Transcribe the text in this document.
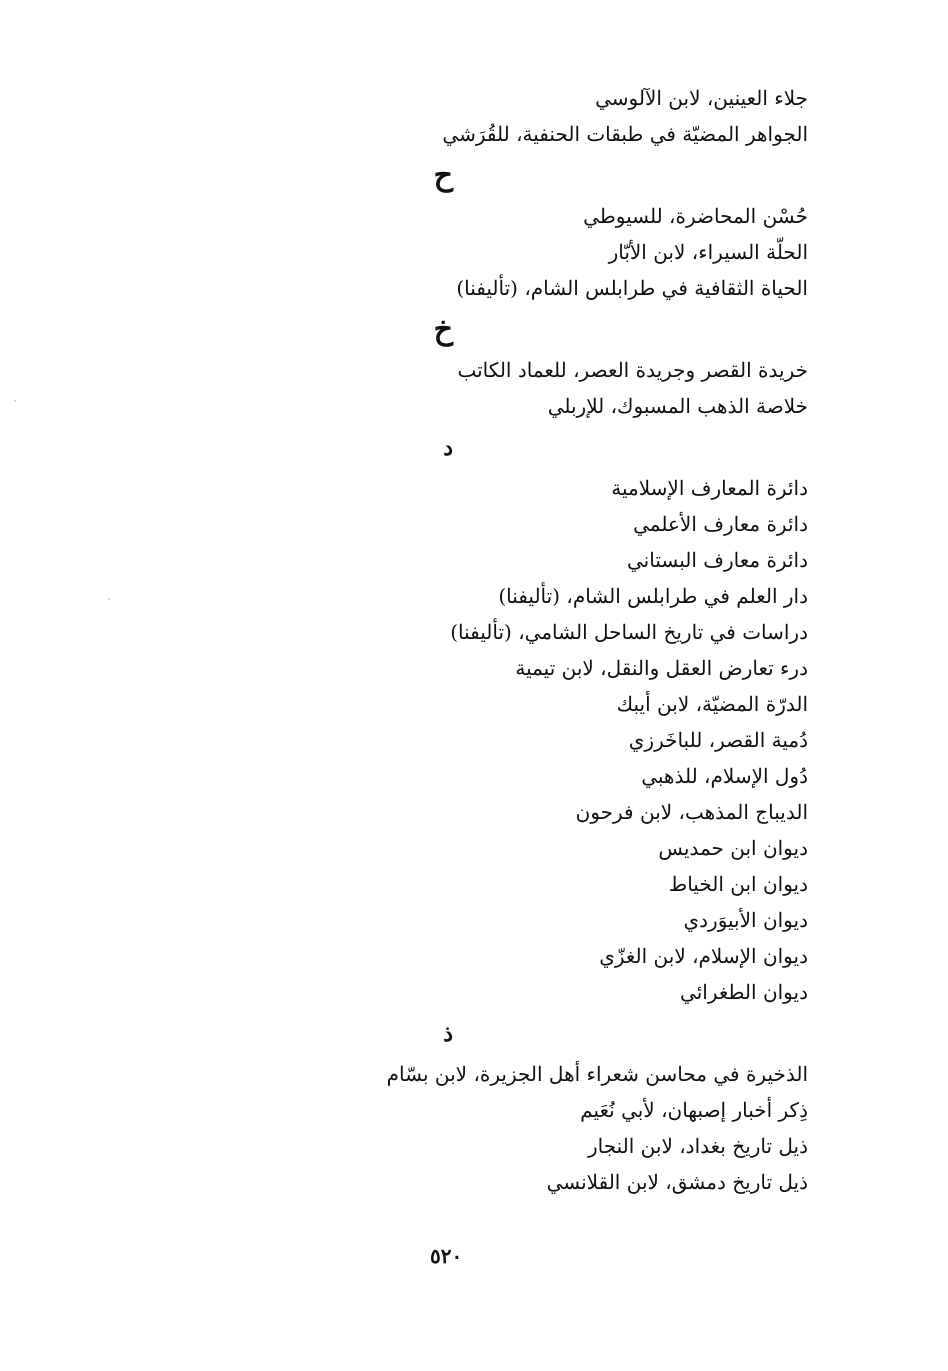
جلاء العينين، لابن الآلوسي
الجواهر المضيّة في طبقات الحنفية، للقُرَشي
ح
حُسْن المحاضرة، للسيوطي
الحلّة السيراء، لابن الأبّار
الحياة الثقافية في طرابلس الشام، (تأليفنا)
خ
خريدة القصر وجريدة العصر، للعماد الكاتب
خلاصة الذهب المسبوك، للإربلي
د
دائرة المعارف الإسلامية
دائرة معارف الأعلمي
دائرة معارف البستاني
دار العلم في طرابلس الشام، (تأليفنا)
دراسات في تاريخ الساحل الشامي، (تأليفنا)
درء تعارض العقل والنقل، لابن تيمية
الدرّة المضيّة، لابن أيبك
دُمية القصر، للباخَرزي
دُول الإسلام، للذهبي
الديباج المذهب، لابن فرحون
ديوان ابن حمديس
ديوان ابن الخياط
ديوان الأبيوَردي
ديوان الإسلام، لابن الغزّي
ديوان الطغرائي
ذ
الذخيرة في محاسن شعراء أهل الجزيرة، لابن بسّام
ذِكر أخبار إصبهان، لأبي نُعَيم
ذيل تاريخ بغداد، لابن النجار
ذيل تاريخ دمشق، لابن القلانسي
٥٢٠
